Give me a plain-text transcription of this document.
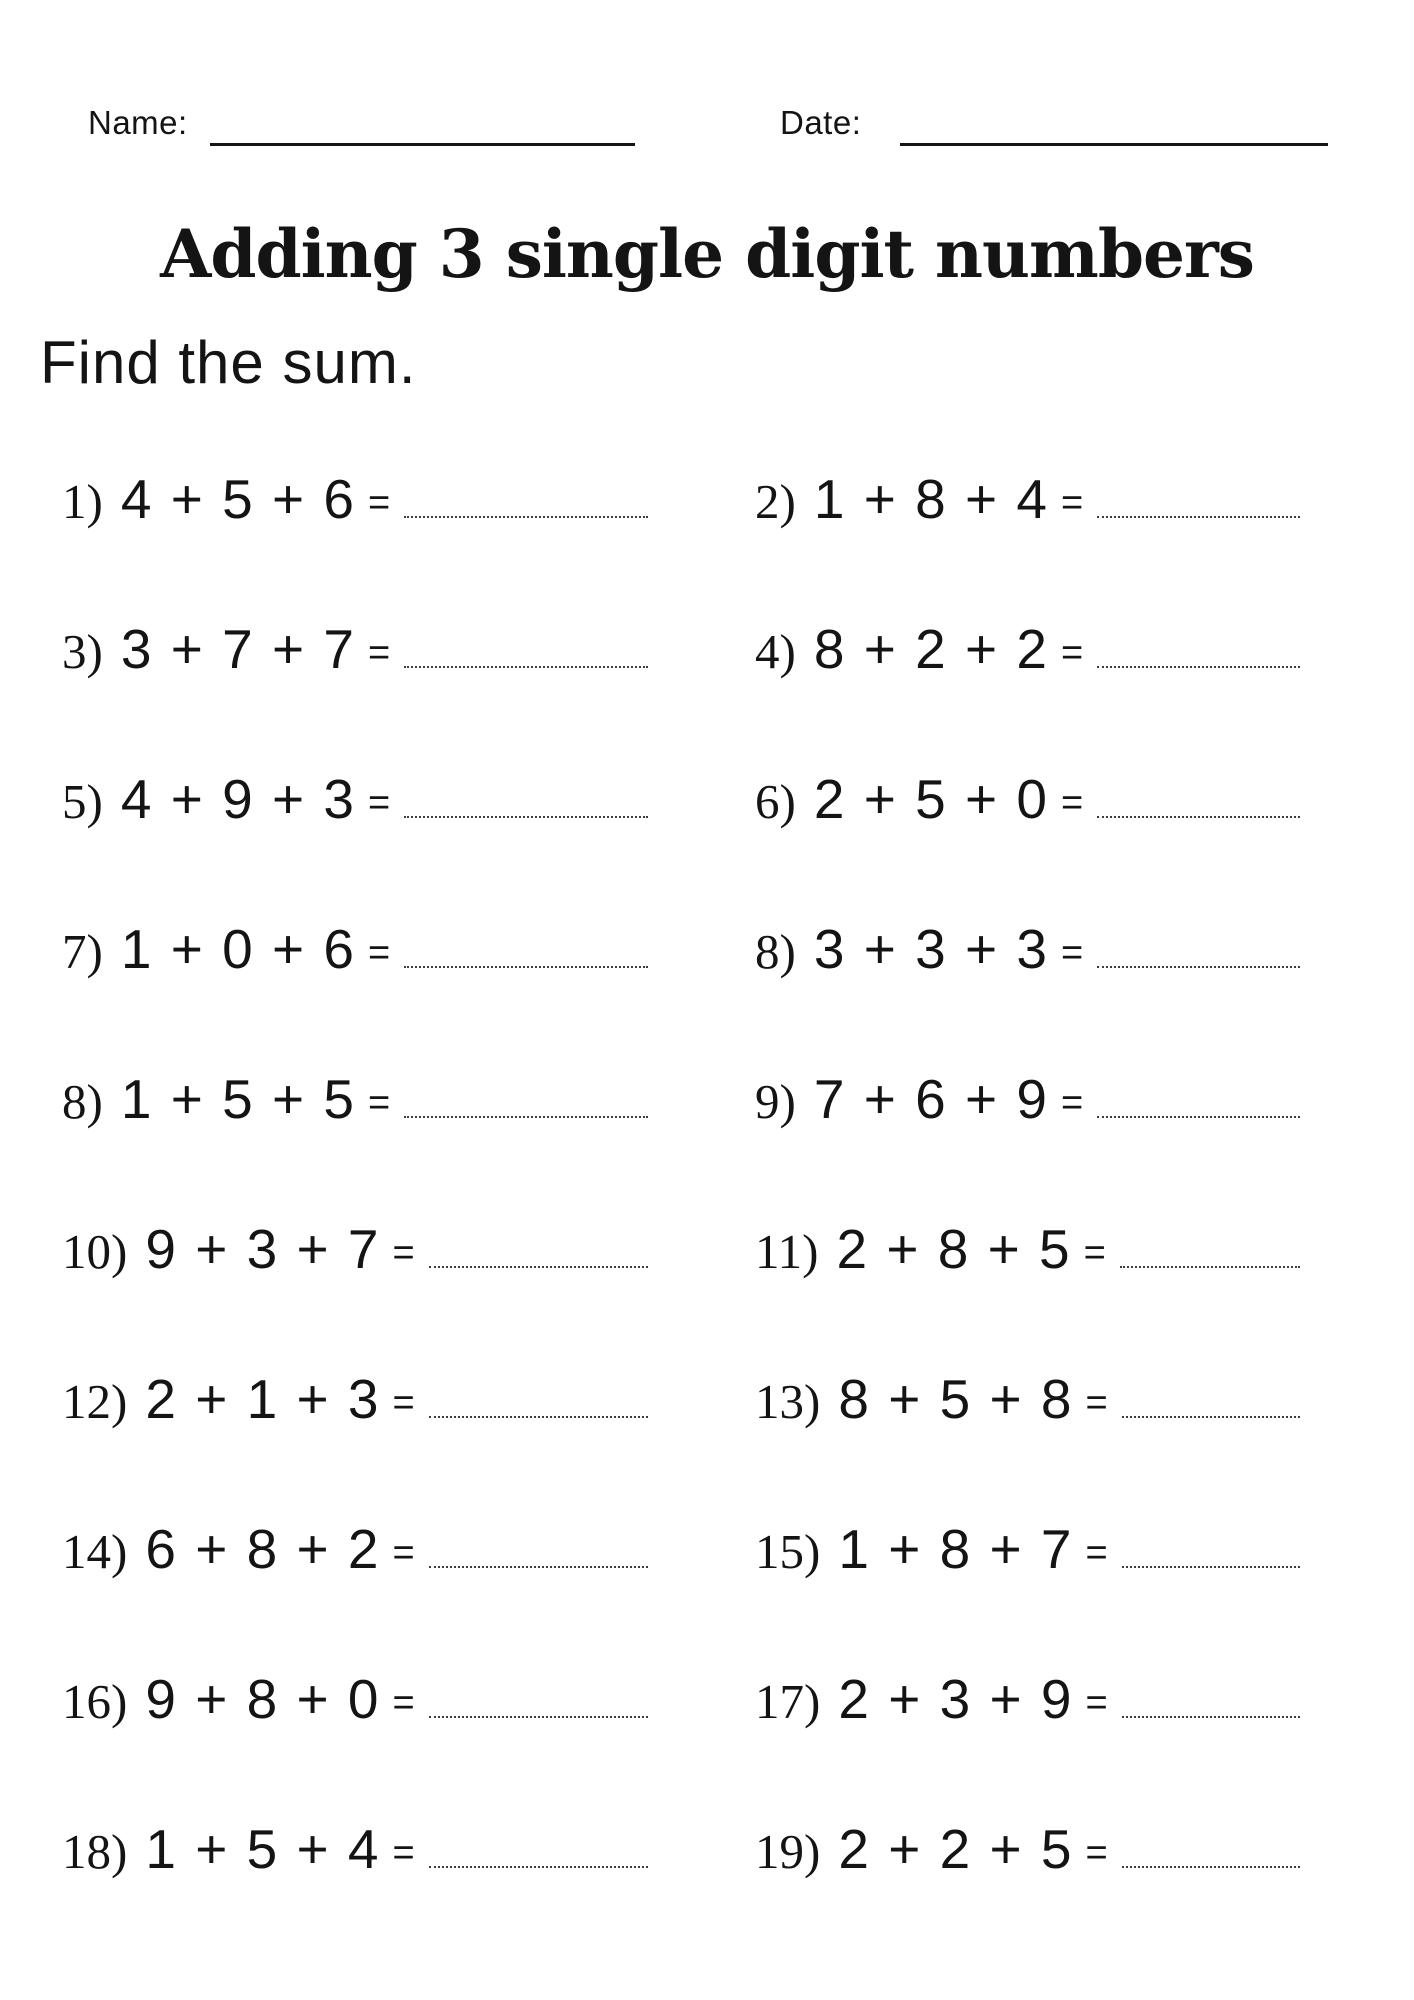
Name:	Date:
Adding 3 single digit numbers
Find the sum.
1) 4 + 5 + 6 =
3) 3 + 7 + 7 =
5) 4 + 9 + 3 =
7) 1 + 0 + 6 =
8) 1 + 5 + 5 =
10) 9 + 3 + 7 =
12) 2 + 1 + 3 =
14) 6 + 8 + 2 =
16) 9 + 8 + 0 =
18) 1 + 5 + 4 =
2) 1 + 8 + 4 =
4) 8 + 2 + 2 =
6) 2 + 5 + 0 =
8) 3 + 3 + 3 =
9) 7 + 6 + 9 =
11) 2 + 8 + 5 =
13) 8 + 5 + 8 =
15) 1 + 8 + 7 =
17) 2 + 3 + 9 =
19) 2 + 2 + 5 =
